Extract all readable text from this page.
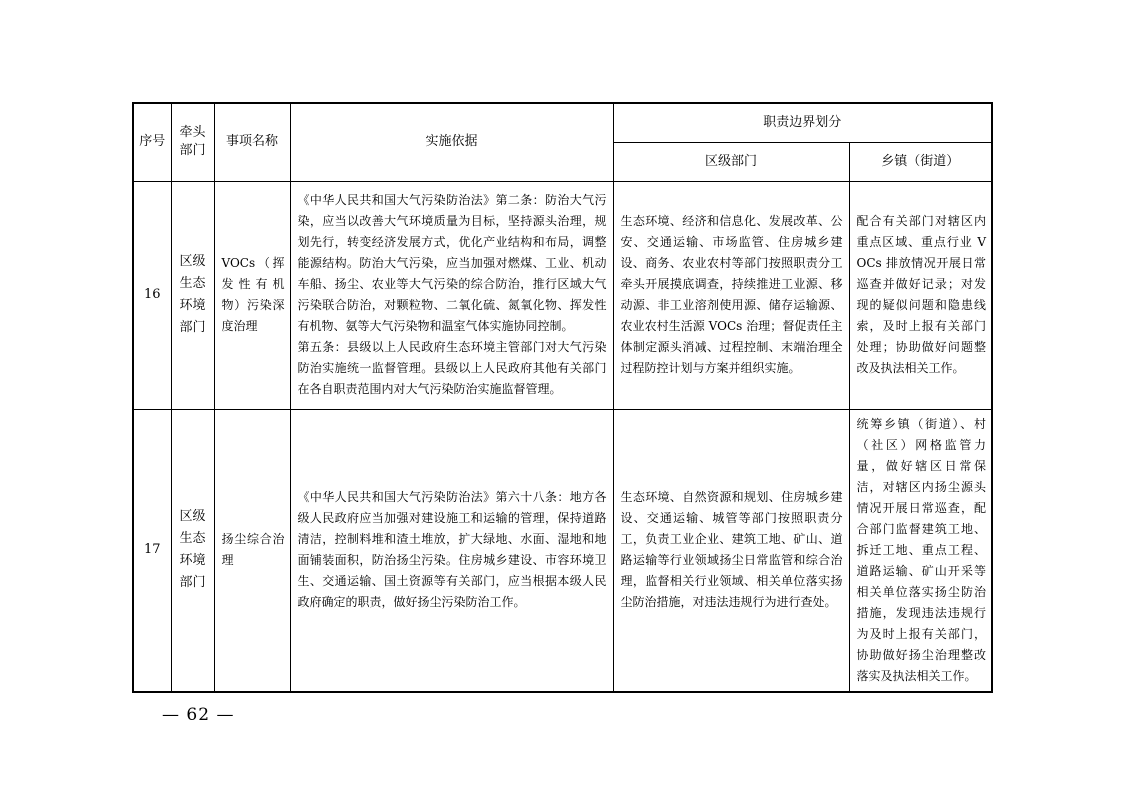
序号	牵头部门	事项名称	实施依据	职责边界划分	
				区级部门	乡镇（街道）
16	区级生态环境部门	VOCs（挥发性有机物）污染深度治理	《中华人民共和国大气污染防治法》第二条：防治大气污染，应当以改善大气环境质量为目标，坚持源头治理，规划先行，转变经济发展方式，优化产业结构和布局，调整能源结构。防治大气污染，应当加强对燃煤、工业、机动车船、扬尘、农业等大气污染的综合防治，推行区域大气污染联合防治，对颗粒物、二氧化硫、氮氧化物、挥发性有机物、氨等大气污染物和温室气体实施协同控制。
第五条：县级以上人民政府生态环境主管部门对大气污染防治实施统一监督管理。县级以上人民政府其他有关部门在各自职责范围内对大气污染防治实施监督管理。	生态环境、经济和信息化、发展改革、公安、交通运输、市场监管、住房城乡建设、商务、农业农村等部门按照职责分工牵头开展摸底调查，持续推进工业源、移动源、非工业溶剂使用源、储存运输源、农业农村生活源 VOCs 治理；督促责任主体制定源头消减、过程控制、末端治理全过程防控计划与方案并组织实施。	配合有关部门对辖区内重点区域、重点行业 VOCs 排放情况开展日常巡查并做好记录；对发现的疑似问题和隐患线索，及时上报有关部门处理；协助做好问题整改及执法相关工作。
17	区级生态环境部门	扬尘综合治理	《中华人民共和国大气污染防治法》第六十八条：地方各级人民政府应当加强对建设施工和运输的管理，保持道路清洁，控制料堆和渣土堆放，扩大绿地、水面、湿地和地面铺装面积，防治扬尘污染。住房城乡建设、市容环境卫生、交通运输、国土资源等有关部门，应当根据本级人民政府确定的职责，做好扬尘污染防治工作。	生态环境、自然资源和规划、住房城乡建设、交通运输、城管等部门按照职责分工，负责工业企业、建筑工地、矿山、道路运输等行业领域扬尘日常监管和综合治理，监督相关行业领域、相关单位落实扬尘防治措施，对违法违规行为进行查处。	统筹乡镇（街道）、村（社区）网格监管力量，做好辖区日常保洁，对辖区内扬尘源头情况开展日常巡查，配合部门监督建筑工地、拆迁工地、重点工程、道路运输、矿山开采等相关单位落实扬尘防治措施，发现违法违规行为及时上报有关部门，协助做好扬尘治理整改落实及执法相关工作。
— 62 —
